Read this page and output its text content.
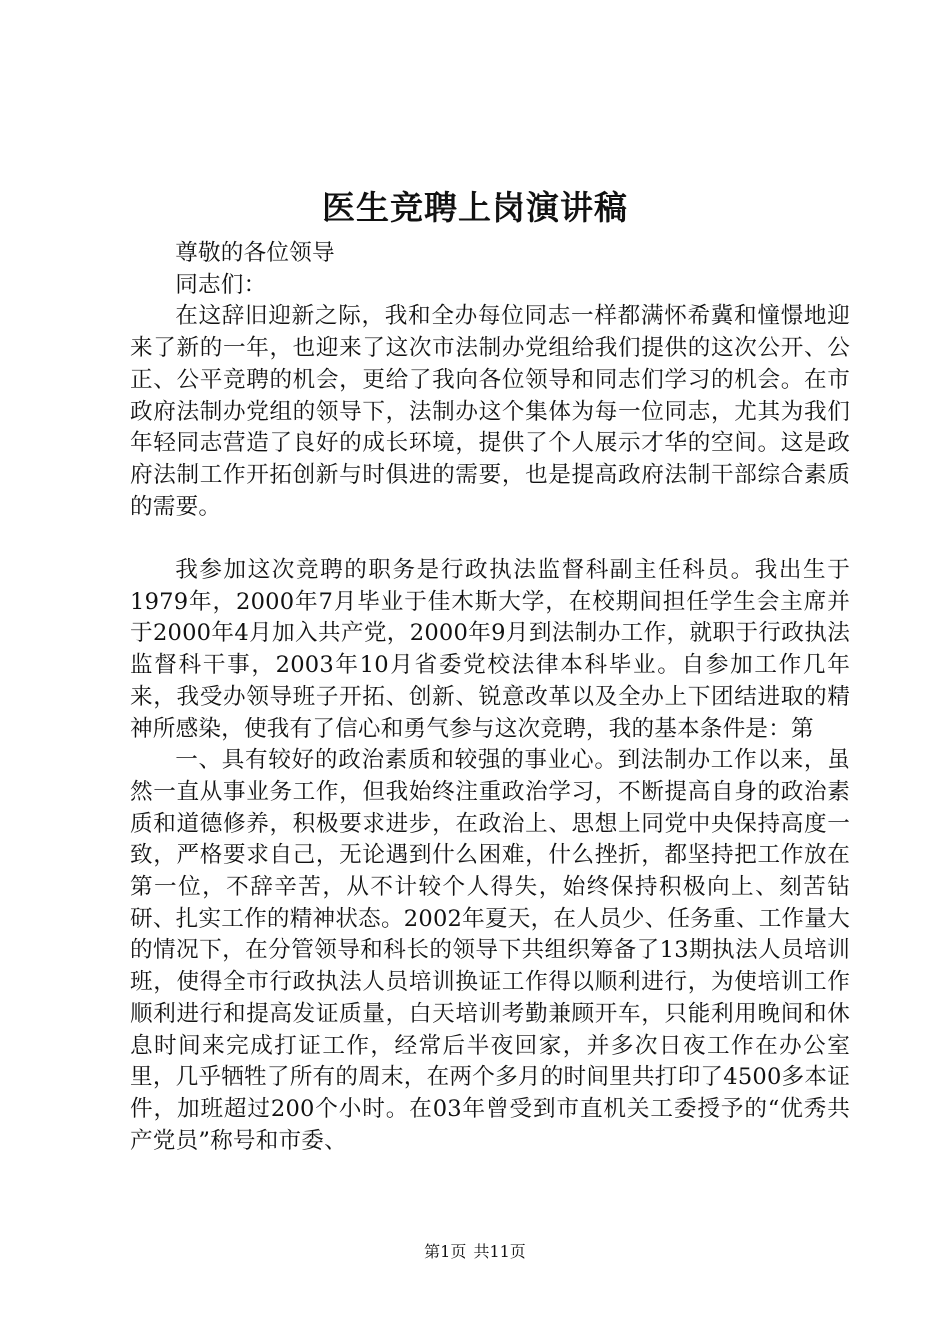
医生竞聘上岗演讲稿

尊敬的各位领导

同志们：

在这辞旧迎新之际，我和全办每位同志一样都满怀希冀和憧憬地迎来了新的一年，也迎来了这次市法制办党组给我们提供的这次公开、公正、公平竞聘的机会，更给了我向各位领导和同志们学习的机会。在市政府法制办党组的领导下，法制办这个集体为每一位同志，尤其为我们年轻同志营造了良好的成长环境，提供了个人展示才华的空间。这是政府法制工作开拓创新与时俱进的需要，也是提高政府法制干部综合素质的需要。

我参加这次竞聘的职务是行政执法监督科副主任科员。我出生于1979年，2000年7月毕业于佳木斯大学，在校期间担任学生会主席并于2000年4月加入共产党，2000年9月到法制办工作，就职于行政执法监督科干事，2003年10月省委党校法律本科毕业。自参加工作几年来，我受办领导班子开拓、创新、锐意改革以及全办上下团结进取的精神所感染，使我有了信心和勇气参与这次竞聘，我的基本条件是：第

一、具有较好的政治素质和较强的事业心。到法制办工作以来，虽然一直从事业务工作，但我始终注重政治学习，不断提高自身的政治素质和道德修养，积极要求进步，在政治上、思想上同党中央保持高度一致，严格要求自己，无论遇到什么困难，什么挫折，都坚持把工作放在第一位，不辞辛苦，从不计较个人得失，始终保持积极向上、刻苦钻研、扎实工作的精神状态。2002年夏天，在人员少、任务重、工作量大的情况下，在分管领导和科长的领导下共组织筹备了13期执法人员培训班，使得全市行政执法人员培训换证工作得以顺利进行，为使培训工作顺利进行和提高发证质量，白天培训考勤兼顾开车，只能利用晚间和休息时间来完成打证工作，经常后半夜回家，并多次日夜工作在办公室里，几乎牺牲了所有的周末，在两个多月的时间里共打印了4500多本证件，加班超过200个小时。在03年曾受到市直机关工委授予的“优秀共产党员”称号和市委、

第1页 共11页
